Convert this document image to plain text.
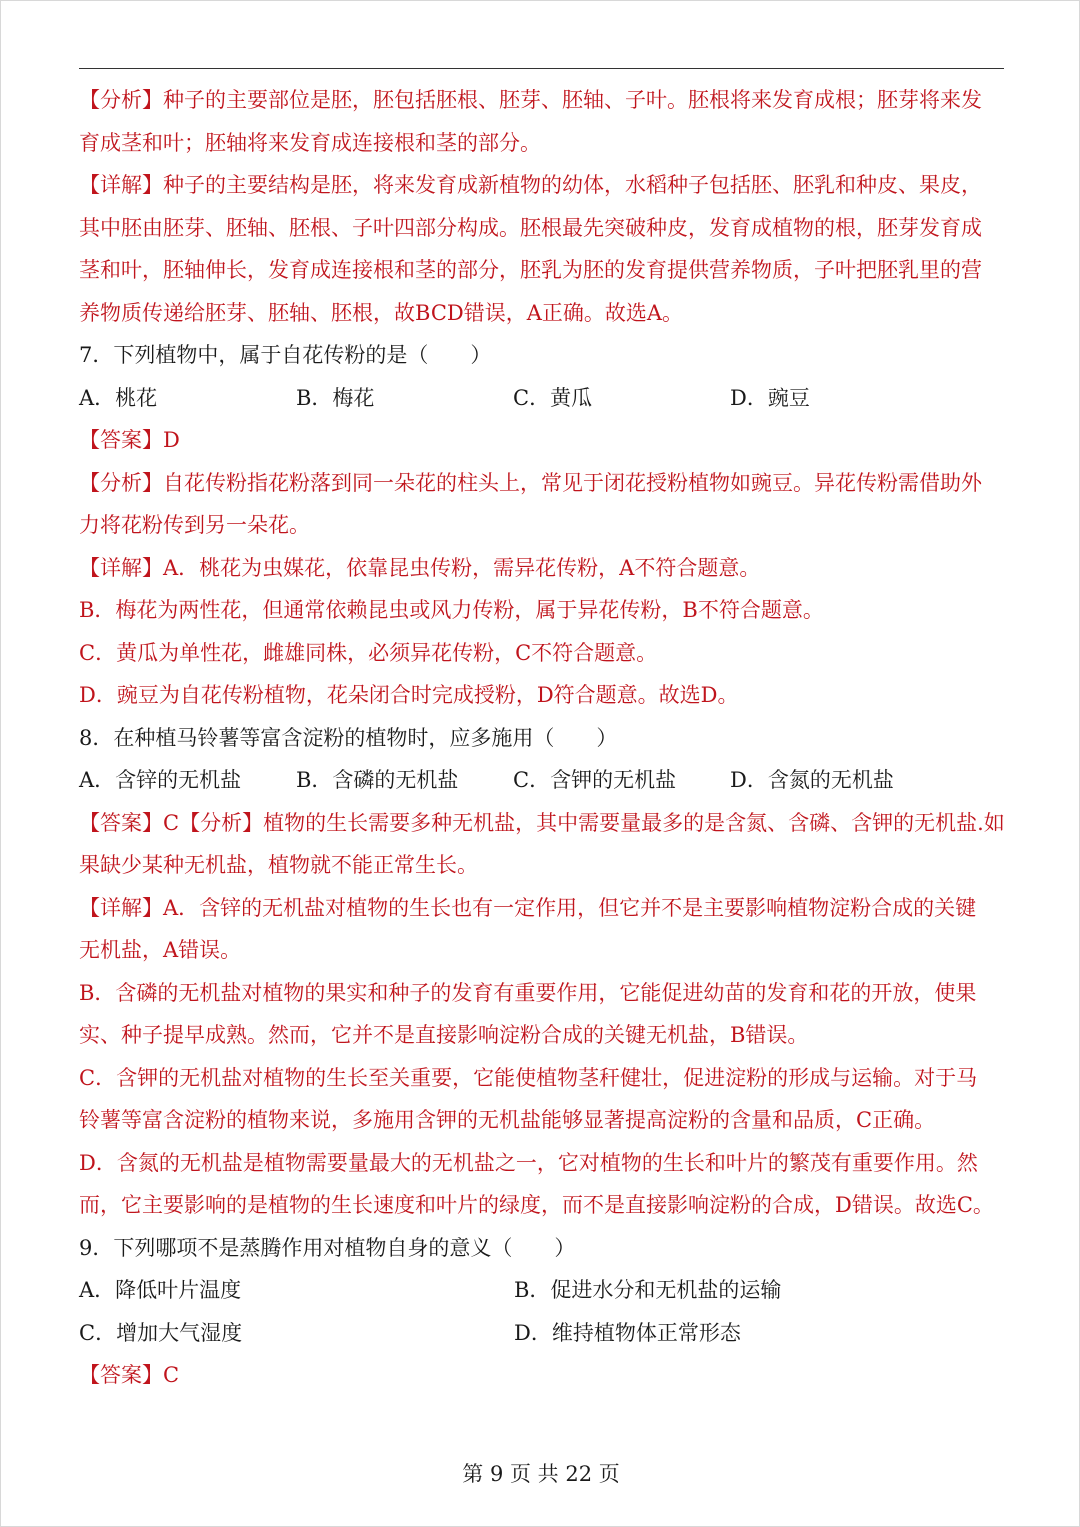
【分析】种子的主要部位是胚，胚包括胚根、胚芽、胚轴、子叶。胚根将来发育成根；胚芽将来发
育成茎和叶；胚轴将来发育成连接根和茎的部分。
【详解】种子的主要结构是胚，将来发育成新植物的幼体，水稻种子包括胚、胚乳和种皮、果皮，
其中胚由胚芽、胚轴、胚根、子叶四部分构成。胚根最先突破种皮，发育成植物的根，胚芽发育成
茎和叶，胚轴伸长，发育成连接根和茎的部分，胚乳为胚的发育提供营养物质，子叶把胚乳里的营
养物质传递给胚芽、胚轴、胚根，故BCD错误，A正确。故选A。
7．下列植物中，属于自花传粉的是（　　）
A．桃花	B．梅花	C．黄瓜	D．豌豆
【答案】D
【分析】自花传粉指花粉落到同一朵花的柱头上，常见于闭花授粉植物如豌豆。异花传粉需借助外
力将花粉传到另一朵花。
【详解】A．桃花为虫媒花，依靠昆虫传粉，需异花传粉，A不符合题意。
B．梅花为两性花，但通常依赖昆虫或风力传粉，属于异花传粉，B不符合题意。
C．黄瓜为单性花，雌雄同株，必须异花传粉，C不符合题意。
D．豌豆为自花传粉植物，花朵闭合时完成授粉，D符合题意。故选D。
8．在种植马铃薯等富含淀粉的植物时，应多施用（　　）
A．含锌的无机盐	B．含磷的无机盐	C．含钾的无机盐	D．含氮的无机盐
【答案】C【分析】植物的生长需要多种无机盐，其中需要量最多的是含氮、含磷、含钾的无机盐.如
果缺少某种无机盐，植物就不能正常生长。
【详解】A．含锌的无机盐对植物的生长也有一定作用，但它并不是主要影响植物淀粉合成的关键
无机盐，A错误。
B．含磷的无机盐对植物的果实和种子的发育有重要作用，它能促进幼苗的发育和花的开放，使果
实、种子提早成熟。然而，它并不是直接影响淀粉合成的关键无机盐，B错误。
C．含钾的无机盐对植物的生长至关重要，它能使植物茎秆健壮，促进淀粉的形成与运输。对于马
铃薯等富含淀粉的植物来说，多施用含钾的无机盐能够显著提高淀粉的含量和品质，C正确。
D．含氮的无机盐是植物需要量最大的无机盐之一，它对植物的生长和叶片的繁茂有重要作用。然
而，它主要影响的是植物的生长速度和叶片的绿度，而不是直接影响淀粉的合成，D错误。故选C。
9．下列哪项不是蒸腾作用对植物自身的意义（　　）
A．降低叶片温度	B．促进水分和无机盐的运输
C．增加大气湿度	D．维持植物体正常形态
【答案】C
第 9 页 共 22 页
